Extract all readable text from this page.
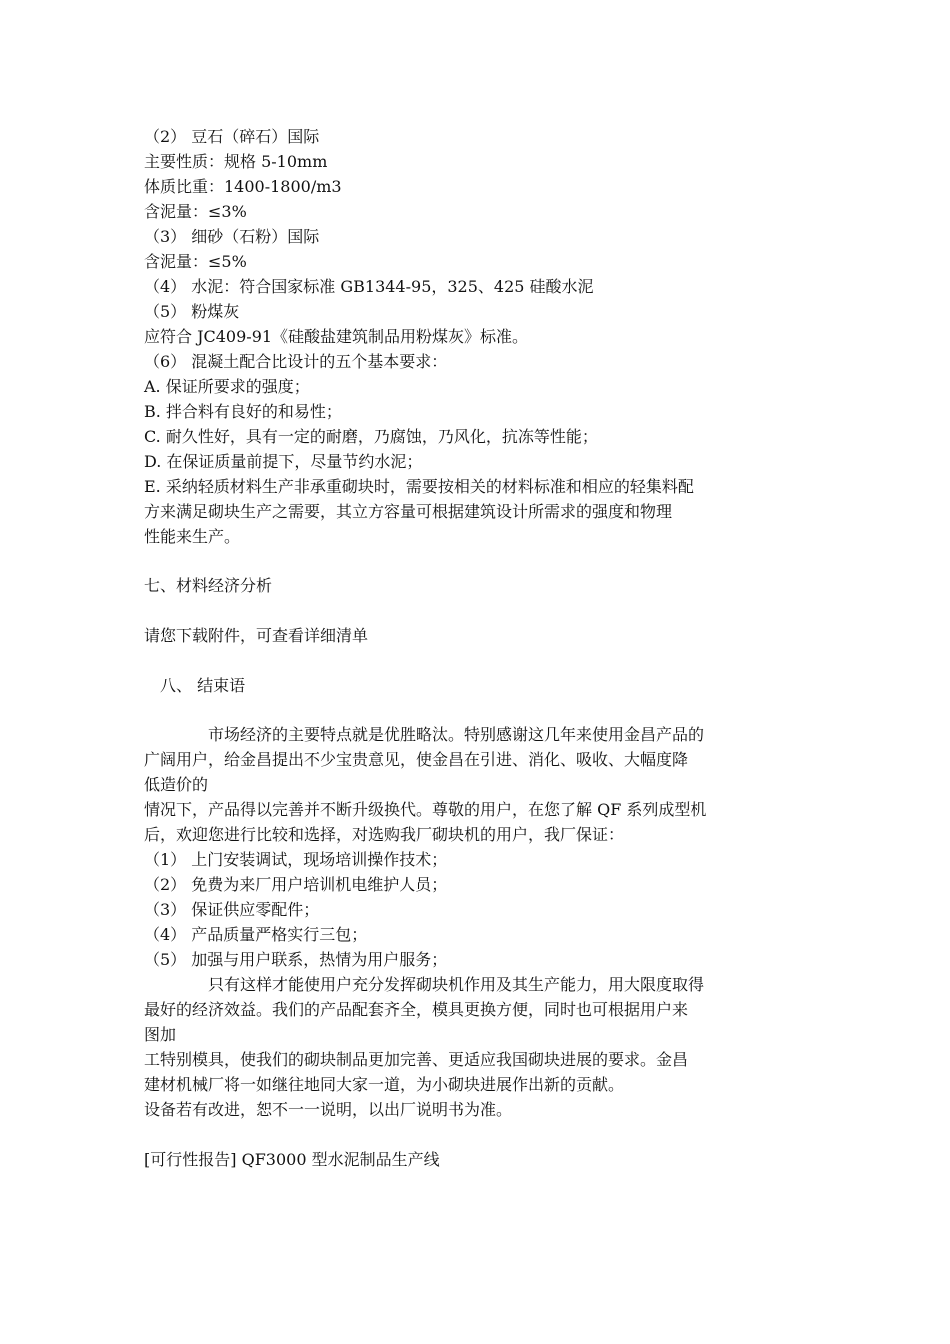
（2） 豆石（碎石）国际
主要性质：规格 5-10mm
体质比重：1400-1800/m3
含泥量：≤3%
（3） 细砂（石粉）国际
含泥量：≤5%
（4） 水泥：符合国家标准 GB1344-95，325、425 硅酸水泥
（5） 粉煤灰
应符合 JC409-91《硅酸盐建筑制品用粉煤灰》标准。
（6） 混凝土配合比设计的五个基本要求：
A. 保证所要求的强度；
B. 拌合料有良好的和易性；
C. 耐久性好，具有一定的耐磨，乃腐蚀，乃风化，抗冻等性能；
D. 在保证质量前提下，尽量节约水泥；
E. 采纳轻质材料生产非承重砌块时，需要按相关的材料标准和相应的轻集料配
方来满足砌块生产之需要，其立方容量可根据建筑设计所需求的强度和物理
性能来生产。
七、材料经济分析
请您下载附件，可查看详细清单
八、 结束语
市场经济的主要特点就是优胜略汰。特别感谢这几年来使用金昌产品的
广阔用户，给金昌提出不少宝贵意见，使金昌在引进、消化、吸收、大幅度降
低造价的
情况下，产品得以完善并不断升级换代。尊敬的用户，在您了解 QF 系列成型机
后，欢迎您进行比较和选择，对选购我厂砌块机的用户，我厂保证：
（1） 上门安装调试，现场培训操作技术；
（2） 免费为来厂用户培训机电维护人员；
（3） 保证供应零配件；
（4） 产品质量严格实行三包；
（5） 加强与用户联系，热情为用户服务；
只有这样才能使用户充分发挥砌块机作用及其生产能力，用大限度取得
最好的经济效益。我们的产品配套齐全，模具更换方便，同时也可根据用户来
图加
工特别模具，使我们的砌块制品更加完善、更适应我国砌块进展的要求。金昌
建材机械厂将一如继往地同大家一道，为小砌块进展作出新的贡献。
设备若有改进，恕不一一说明，以出厂说明书为准。
[可行性报告] QF3000 型水泥制品生产线
